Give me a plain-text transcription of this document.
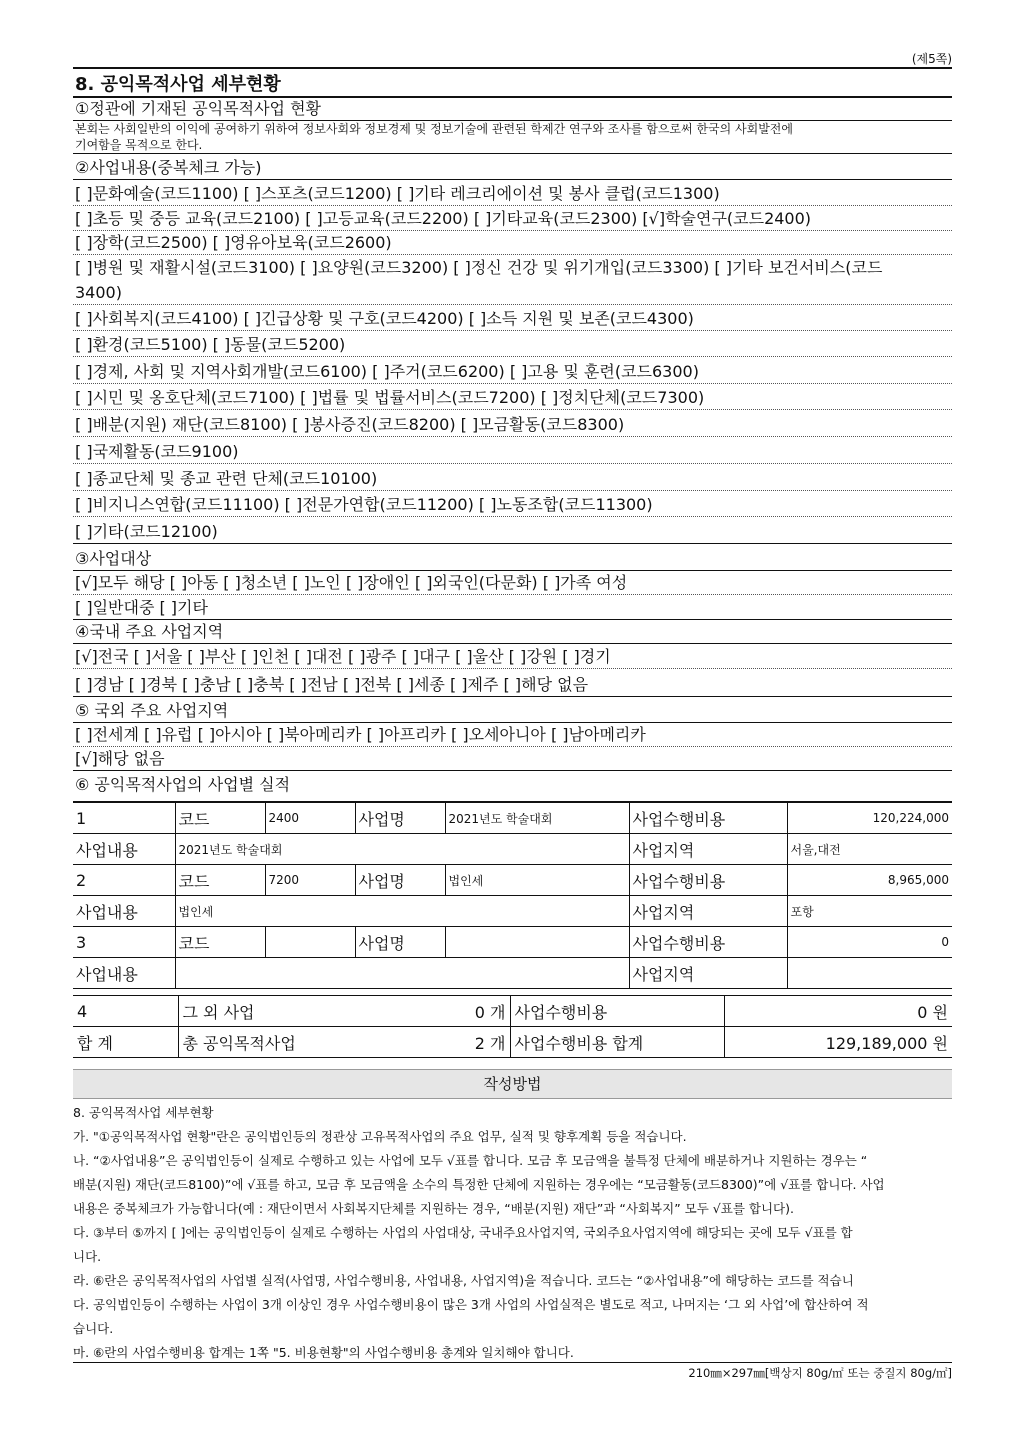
(제5쪽)
8. 공익목적사업 세부현황
①정관에 기재된 공익목적사업 현황
본회는 사회일반의 이익에 공여하기 위하여 정보사회와 정보경제 및 정보기술에 관련된 학제간 연구와 조사를 함으로써 한국의 사회발전에
기여함을 목적으로 한다.
②사업내용(중복체크 가능)
[ ]문화예술(코드1100) [ ]스포츠(코드1200) [ ]기타 레크리에이션 및 봉사 클럽(코드1300)
[ ]초등 및 중등 교육(코드2100) [ ]고등교육(코드2200) [ ]기타교육(코드2300) [√]학술연구(코드2400)
[ ]장학(코드2500) [ ]영유아보육(코드2600)
[ ]병원 및 재활시설(코드3100) [ ]요양원(코드3200) [ ]정신 건강 및 위기개입(코드3300) [ ]기타 보건서비스(코드
3400)
[ ]사회복지(코드4100) [ ]긴급상황 및 구호(코드4200) [ ]소득 지원 및 보존(코드4300)
[ ]환경(코드5100) [ ]동물(코드5200)
[ ]경제, 사회 및 지역사회개발(코드6100) [ ]주거(코드6200) [ ]고용 및 훈련(코드6300)
[ ]시민 및 옹호단체(코드7100) [ ]법률 및 법률서비스(코드7200) [ ]정치단체(코드7300)
[ ]배분(지원) 재단(코드8100) [ ]봉사증진(코드8200) [ ]모금활동(코드8300)
[ ]국제활동(코드9100)
[ ]종교단체 및 종교 관련 단체(코드10100)
[ ]비지니스연합(코드11100) [ ]전문가연합(코드11200) [ ]노동조합(코드11300)
[ ]기타(코드12100)
③사업대상
[√]모두 해당 [ ]아동 [ ]청소년 [ ]노인 [ ]장애인 [ ]외국인(다문화) [ ]가족 여성
[ ]일반대중 [ ]기타
④국내 주요 사업지역
[√]전국 [ ]서울 [ ]부산 [ ]인천 [ ]대전 [ ]광주 [ ]대구 [ ]울산 [ ]강원 [ ]경기
[ ]경남 [ ]경북 [ ]충남 [ ]충북 [ ]전남 [ ]전북 [ ]세종 [ ]제주 [ ]해당 없음
⑤ 국외 주요 사업지역
[ ]전세계 [ ]유럽 [ ]아시아 [ ]북아메리카 [ ]아프리카 [ ]오세아니아 [ ]남아메리카
[√]해당 없음
⑥ 공익목적사업의 사업별 실적
1	코드	2400	사업명	2021년도 학술대회	사업수행비용	120,224,000
사업내용	2021년도 학술대회				사업지역	서울,대전
2	코드	7200	사업명	법인세	사업수행비용	8,965,000
사업내용	법인세				사업지역	포항
3	코드		사업명		사업수행비용	0
사업내용					사업지역	
4	그 외 사업	0 개	사업수행비용	0 원
합 계	총 공익목적사업	2 개	사업수행비용 합계	129,189,000 원
작성방법

8. 공익목적사업 세부현황

가. "①공익목적사업 현황"란은 공익법인등의 정관상 고유목적사업의 주요 업무, 실적 및 향후계획 등을 적습니다.

나. “②사업내용”은 공익법인등이 실제로 수행하고 있는 사업에 모두 √표를 합니다. 모금 후 모금액을 불특정 단체에 배분하거나 지원하는 경우는 “

배분(지원) 재단(코드8100)”에 √표를 하고, 모금 후 모금액을 소수의 특정한 단체에 지원하는 경우에는 “모금활동(코드8300)”에 √표를 합니다. 사업

내용은 중복체크가 가능합니다(예 : 재단이면서 사회복지단체를 지원하는 경우, “배분(지원) 재단”과 “사회복지” 모두 √표를 합니다).

다. ③부터 ⑤까지 [ ]에는 공익법인등이 실제로 수행하는 사업의 사업대상, 국내주요사업지역, 국외주요사업지역에 해당되는 곳에 모두 √표를 합

니다.

라. ⑥란은 공익목적사업의 사업별 실적(사업명, 사업수행비용, 사업내용, 사업지역)을 적습니다. 코드는 “②사업내용”에 해당하는 코드를 적습니

다. 공익법인등이 수행하는 사업이 3개 이상인 경우 사업수행비용이 많은 3개 사업의 사업실적은 별도로 적고, 나머지는 ‘그 외 사업’에 합산하여 적

습니다.

마. ⑥란의 사업수행비용 합계는 1쪽 "5. 비용현황"의 사업수행비용 총계와 일치해야 합니다.

210㎜×297㎜[백상지 80g/㎡ 또는 중질지 80g/㎡]
